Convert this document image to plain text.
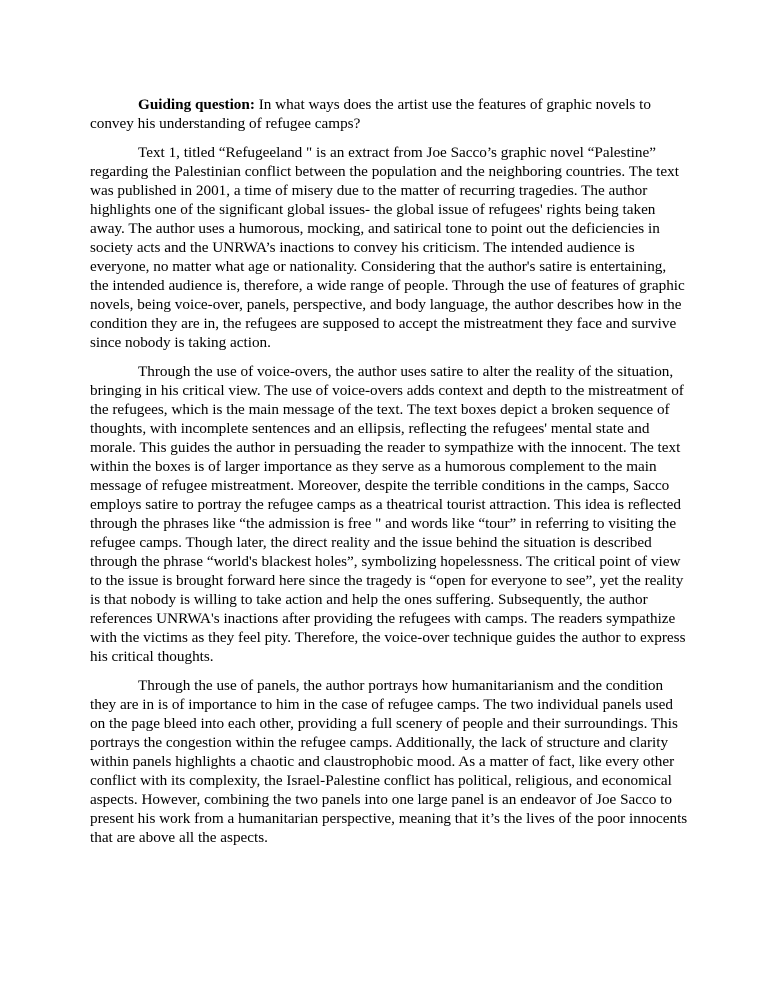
Guiding question: In what ways does the artist use the features of graphic novels to convey his understanding of refugee camps?

Text 1, titled “Refugeeland " is an extract from Joe Sacco’s graphic novel “Palestine” regarding the Palestinian conflict between the population and the neighboring countries. The text was published in 2001, a time of misery due to the matter of recurring tragedies. The author highlights one of the significant global issues- the global issue of refugees' rights being taken away. The author uses a humorous, mocking, and satirical tone to point out the deficiencies in society acts and the UNRWA’s inactions to convey his criticism. The intended audience is everyone, no matter what age or nationality. Considering that the author's satire is entertaining, the intended audience is, therefore, a wide range of people. Through the use of features of graphic novels, being voice-over, panels, perspective, and body language, the author describes how in the condition they are in, the refugees are supposed to accept the mistreatment they face and survive since nobody is taking action.

Through the use of voice-overs, the author uses satire to alter the reality of the situation, bringing in his critical view. The use of voice-overs adds context and depth to the mistreatment of the refugees, which is the main message of the text. The text boxes depict a broken sequence of thoughts, with incomplete sentences and an ellipsis, reflecting the refugees' mental state and morale. This guides the author in persuading the reader to sympathize with the innocent. The text within the boxes is of larger importance as they serve as a humorous complement to the main message of refugee mistreatment. Moreover, despite the terrible conditions in the camps, Sacco employs satire to portray the refugee camps as a theatrical tourist attraction. This idea is reflected through the phrases like “the admission is free " and words like “tour” in referring to visiting the refugee camps. Though later, the direct reality and the issue behind the situation is described through the phrase “world's blackest holes”, symbolizing hopelessness. The critical point of view to the issue is brought forward here since the tragedy is “open for everyone to see”, yet the reality is that nobody is willing to take action and help the ones suffering. Subsequently, the author references UNRWA's inactions after providing the refugees with camps. The readers sympathize with the victims as they feel pity. Therefore, the voice-over technique guides the author to express his critical thoughts.

Through the use of panels, the author portrays how humanitarianism and the condition they are in is of importance to him in the case of refugee camps. The two individual panels used on the page bleed into each other, providing a full scenery of people and their surroundings. This portrays the congestion within the refugee camps. Additionally, the lack of structure and clarity within panels highlights a chaotic and claustrophobic mood. As a matter of fact, like every other conflict with its complexity, the Israel-Palestine conflict has political, religious, and economical aspects. However, combining the two panels into one large panel is an endeavor of Joe Sacco to present his work from a humanitarian perspective, meaning that it’s the lives of the poor innocents that are above all the aspects.
